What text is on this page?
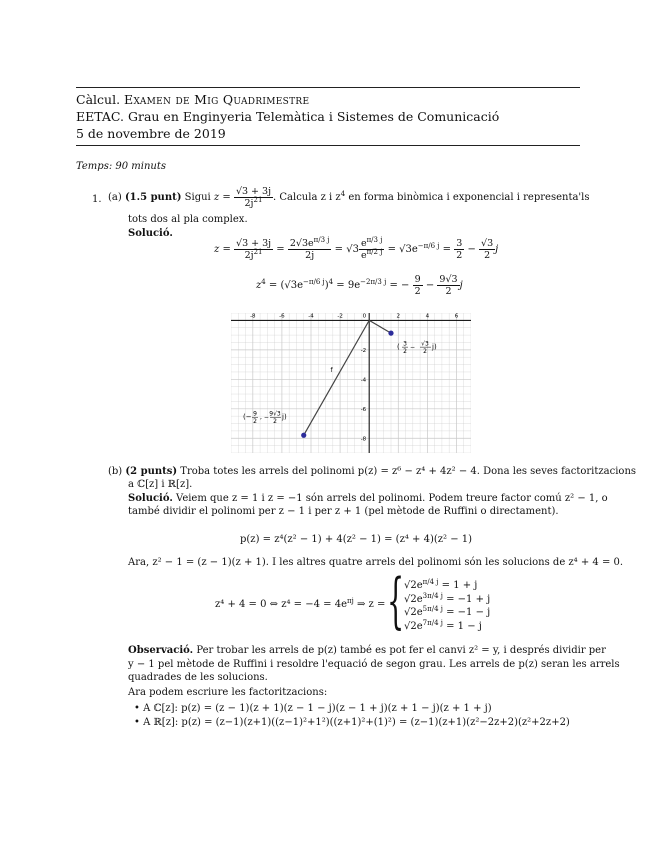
Càlcul. Examen de Mig Quadrimestre
EETAC. Grau en Enginyeria Telemàtica i Sistemes de Comunicació
5 de novembre de 2019
Temps: 90 minuts
1. (a) (1.5 punt) Sigui $z = \frac{√3 + 3j}{2j^{21}}$ . Calcula z i $z^4$ en forma binòmica i exponencial i representa'ls
tots dos al pla complex.
Solució.
$z = \frac{√3 + 3j}{2j^{21}} = \frac{2√3e^{\pi/3 j}}{2j} = √3 \frac{e^{\pi/3 j}}{e^{\pi/2 j}} = √3e^{-\pi/6 j} = \frac{3}{2} - \frac{√3}{2}$ j
$z^4 = (√3e^{-\pi/6 j})^4 = 9e^{-2\pi/3 j}$ = − $\frac{9}{2} - \frac{9√3}{2}$ j
-8	-6	-4	-2	2	4	6
-2
-4
-6
-8
0
f
( 3
2
− √3
2
j)
(− 9
2
, − 9√3
2
j)
(b) (2 punts) Troba totes les arrels del polinomi p(z) = z⁶ − z⁴ + 4z² − 4. Dona les seves factoritzacions
a ℂ[z] i ℝ[z].
Solució. Veiem que z = 1 i z = −1 són arrels del polinomi. Podem treure factor comú z² − 1, o
també dividir el polinomi per z − 1 i per z + 1 (pel mètode de Ruffini o directament).
p(z) = z⁴(z² − 1) + 4(z² − 1) = (z⁴ + 4)(z² − 1)
Ara, z² − 1 = (z − 1)(z + 1). I les altres quatre arrels del polinomi són les solucions de z⁴ + 4 = 0.
z⁴ + 4 = 0 ⇔ $z^4 = -4 = 4e^{\pi j}$ ⇒ z = { $√2e^{\pi/4 j} = 1 + j$
$√2e^{3\pi/4 j} = -1 + j$
$√2e^{5\pi/4 j} = -1 - j$
$√2e^{7\pi/4 j} = 1 - j$
Observació. Per trobar les arrels de p(z) també es pot fer el canvi z² = y, i després dividir per
y − 1 pel mètode de Ruffini i resoldre l'equació de segon grau. Les arrels de p(z) seran les arrels
quadrades de les solucions.
Ara podem escriure les factoritzacions:
• A ℂ[z]: p(z) = (z − 1)(z + 1)(z − 1 − j)(z − 1 + j)(z + 1 − j)(z + 1 + j)
• A ℝ[z]: p(z) = (z−1)(z+1)((z−1)²+1²)((z+1)²+(1)²) = (z−1)(z+1)(z²−2z+2)(z²+2z+2)
